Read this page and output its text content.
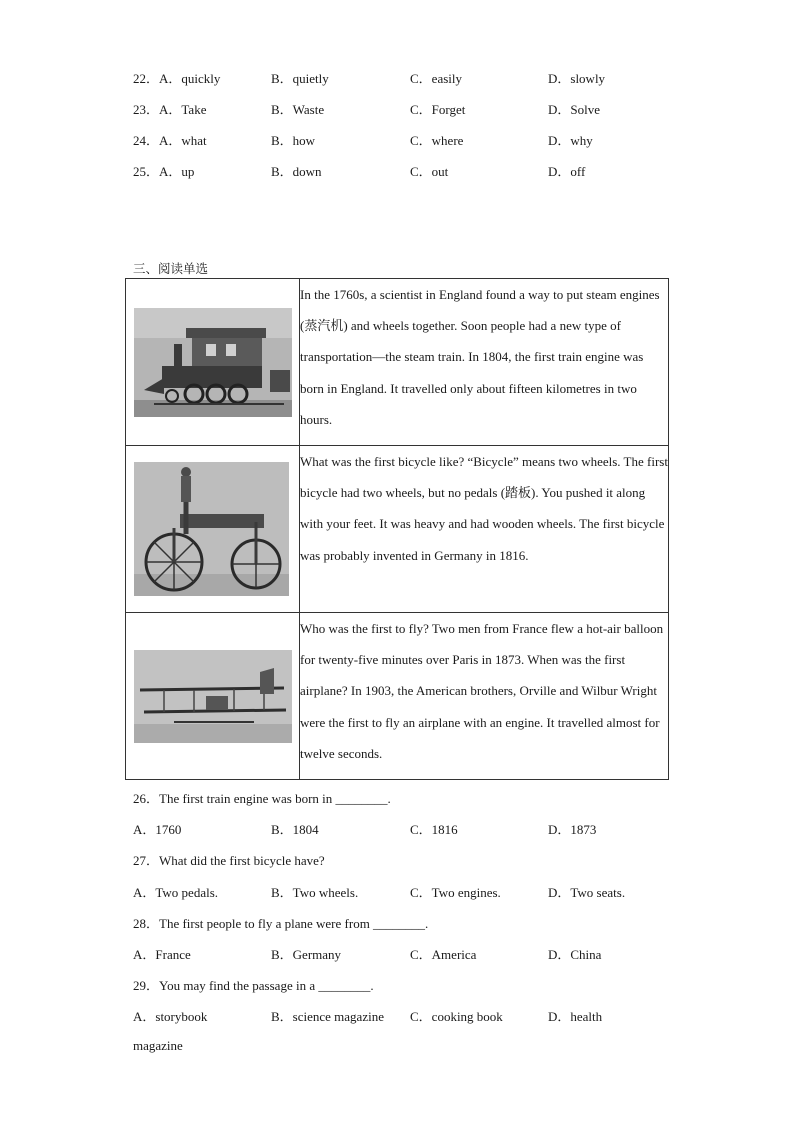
22．A．quickly	B．quietly	C．easily	D．slowly
23．A．Take	B．Waste	C．Forget	D．Solve
24．A．what	B．how	C．where	D．why
25．A．up	B．down	C．out	D．off
三、阅读单选
	In the 1760s, a scientist in England found a way to put steam engines (蒸汽机) and wheels together. Soon people had a new type of transportation—the steam train. In 1804, the first train engine was born in England. It travelled only about fifteen kilometres in two hours.

	What was the first bicycle like? “Bicycle” means two wheels. The first bicycle had two wheels, but no pedals (踏板). You pushed it along with your feet. It was heavy and had wooden wheels. The first bicycle was probably invented in Germany in 1816.

	Who was the first to fly? Two men from France flew a hot-air balloon for twenty-five minutes over Paris in 1873. When was the first airplane? In 1903, the American brothers, Orville and Wilbur Wright were the first to fly an airplane with an engine. It travelled almost for twelve seconds.
26．The first train engine was born in ________.
A．1760	B．1804	C．1816	D．1873
27．What did the first bicycle have?
A．Two pedals.	B．Two wheels.	C．Two engines.	D．Two seats.
28．The first people to fly a plane were from ________.
A．France	B．Germany	C．America	D．China
29．You may find the passage in a ________.
A．storybook	B．science magazine C．cooking book	D．health
magazine
